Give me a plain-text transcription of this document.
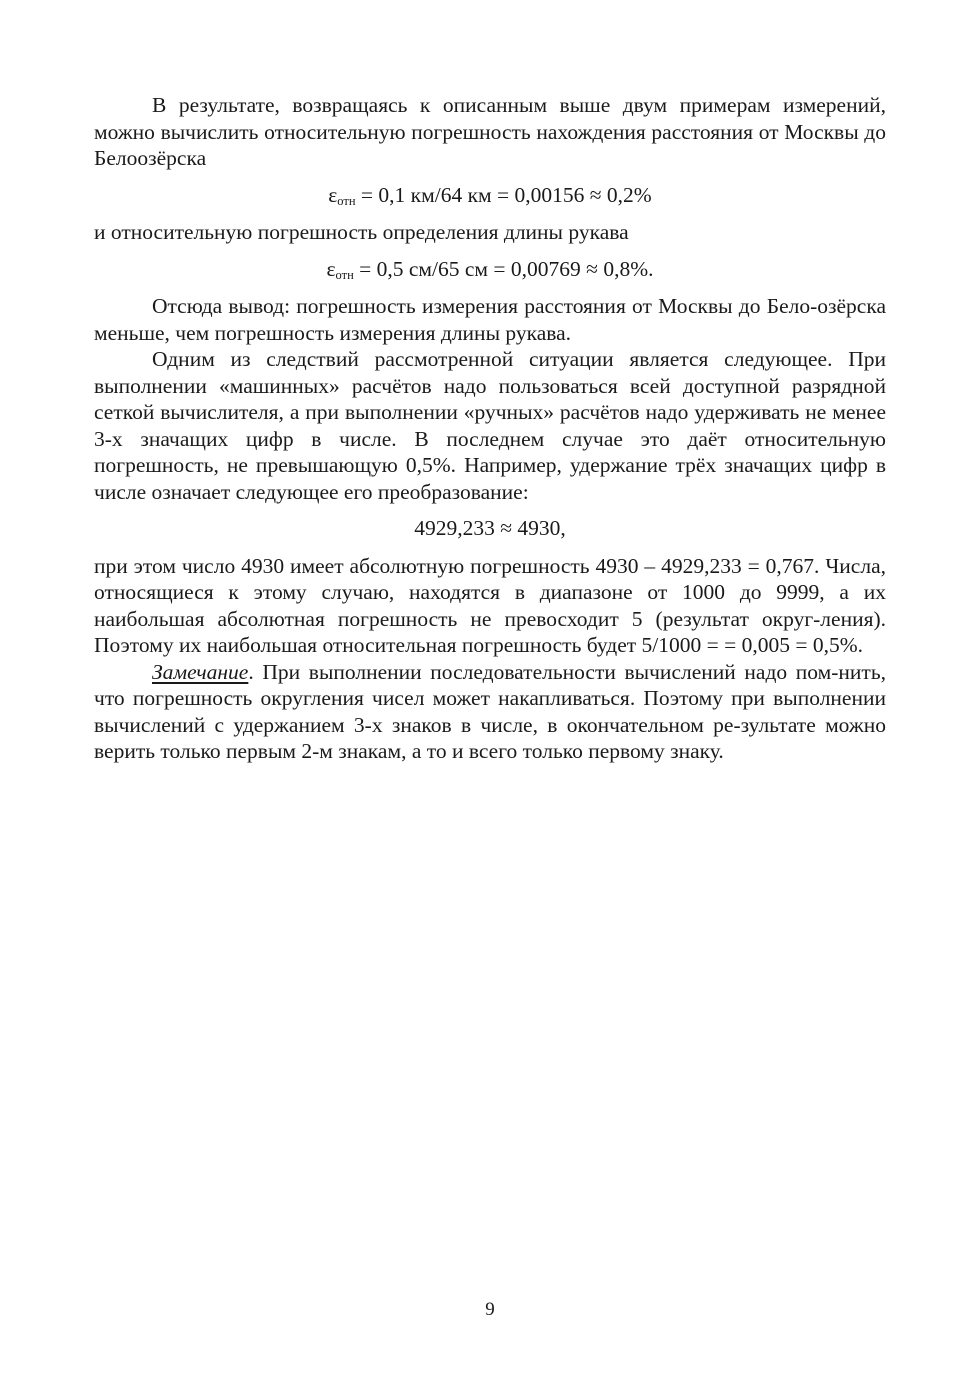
В результате, возвращаясь к описанным выше двум примерам измерений, можно вычислить относительную погрешность нахождения расстояния от Москвы до Белоозёрска

$\varepsilon_{отн} = 0,1$ км/64 км = 0,00156 ≈ 0,2%

и относительную погрешность определения длины рукава

$\varepsilon_{отн} = 0,5$ см/65 см = 0,00769 ≈ 0,8%.

Отсюда вывод: погрешность измерения расстояния от Москвы до Бело-озёрска меньше, чем погрешность измерения длины рукава.

Одним из следствий рассмотренной ситуации является следующее. При выполнении «машинных» расчётов надо пользоваться всей доступной разрядной сеткой вычислителя, а при выполнении «ручных» расчётов надо удерживать не менее 3-х значащих цифр в числе. В последнем случае это даёт относительную погрешность, не превышающую 0,5%. Например, удержание трёх значащих цифр в числе означает следующее его преобразование:

4929,233 ≈ 4930,

при этом число 4930 имеет абсолютную погрешность 4930 – 4929,233 = 0,767. Числа, относящиеся к этому случаю, находятся в диапазоне от 1000 до 9999, а их наибольшая абсолютная погрешность не превосходит 5 (результат округ-ления). Поэтому их наибольшая относительная погрешность будет 5/1000 = = 0,005 = 0,5%.

Замечание. При выполнении последовательности вычислений надо пом-нить, что погрешность округления чисел может накапливаться. Поэтому при выполнении вычислений с удержанием 3-х знаков в числе, в окончательном ре-зультате можно верить только первым 2-м знакам, а то и всего только первому знаку.

9
